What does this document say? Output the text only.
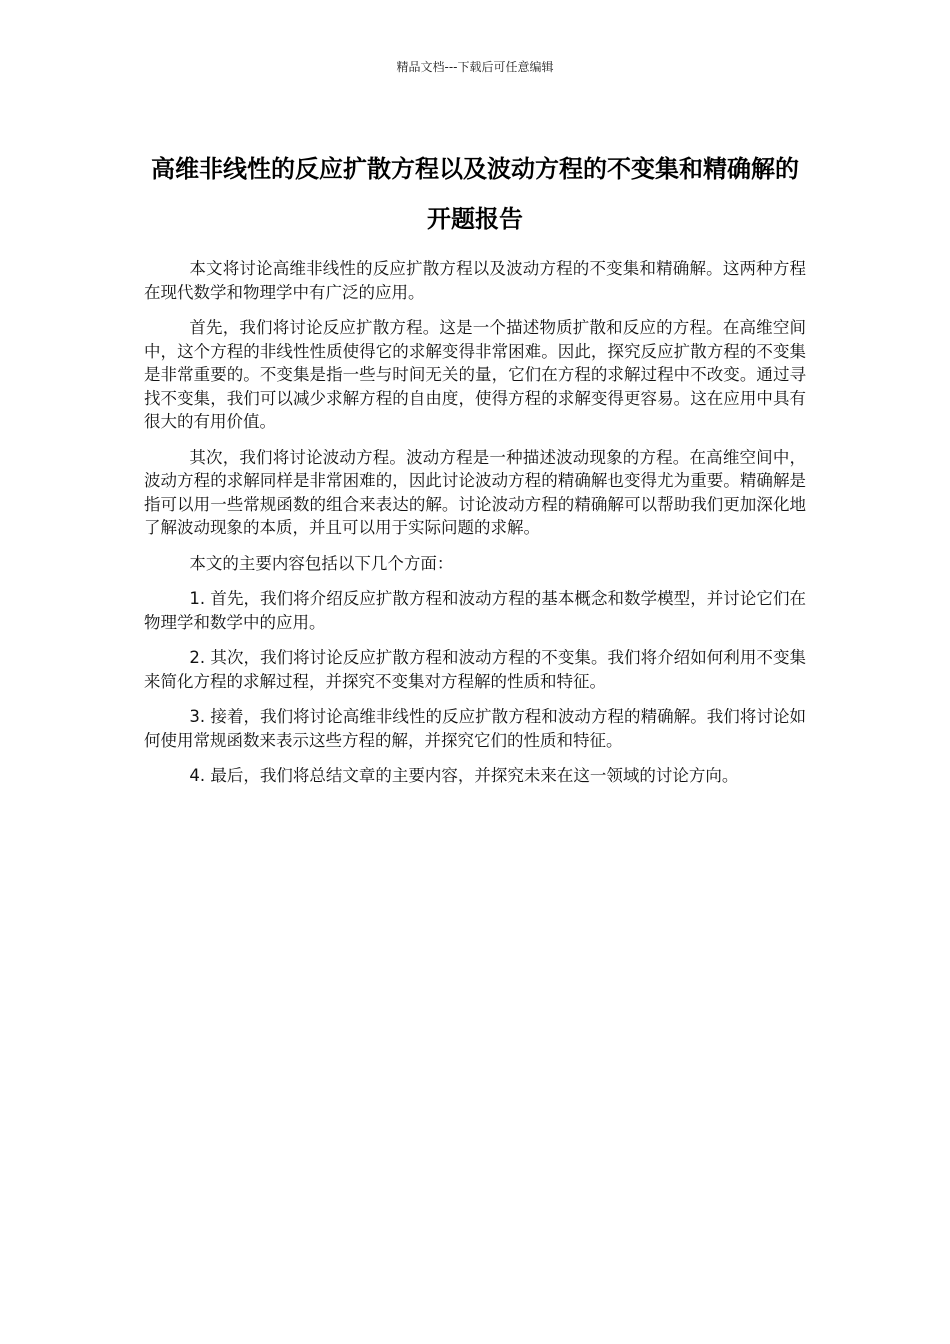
精品文档---下载后可任意编辑
高维非线性的反应扩散方程以及波动方程的不变集和精确解的开题报告

本文将讨论高维非线性的反应扩散方程以及波动方程的不变集和精确解。这两种方程在现代数学和物理学中有广泛的应用。

首先，我们将讨论反应扩散方程。这是一个描述物质扩散和反应的方程。在高维空间中，这个方程的非线性性质使得它的求解变得非常困难。因此，探究反应扩散方程的不变集是非常重要的。不变集是指一些与时间无关的量，它们在方程的求解过程中不改变。通过寻找不变集，我们可以减少求解方程的自由度，使得方程的求解变得更容易。这在应用中具有很大的有用价值。

其次，我们将讨论波动方程。波动方程是一种描述波动现象的方程。在高维空间中，波动方程的求解同样是非常困难的，因此讨论波动方程的精确解也变得尤为重要。精确解是指可以用一些常规函数的组合来表达的解。讨论波动方程的精确解可以帮助我们更加深化地了解波动现象的本质，并且可以用于实际问题的求解。

本文的主要内容包括以下几个方面：

1. 首先，我们将介绍反应扩散方程和波动方程的基本概念和数学模型，并讨论它们在物理学和数学中的应用。

2. 其次，我们将讨论反应扩散方程和波动方程的不变集。我们将介绍如何利用不变集来简化方程的求解过程，并探究不变集对方程解的性质和特征。

3. 接着，我们将讨论高维非线性的反应扩散方程和波动方程的精确解。我们将讨论如何使用常规函数来表示这些方程的解，并探究它们的性质和特征。

4. 最后，我们将总结文章的主要内容，并探究未来在这一领域的讨论方向。
